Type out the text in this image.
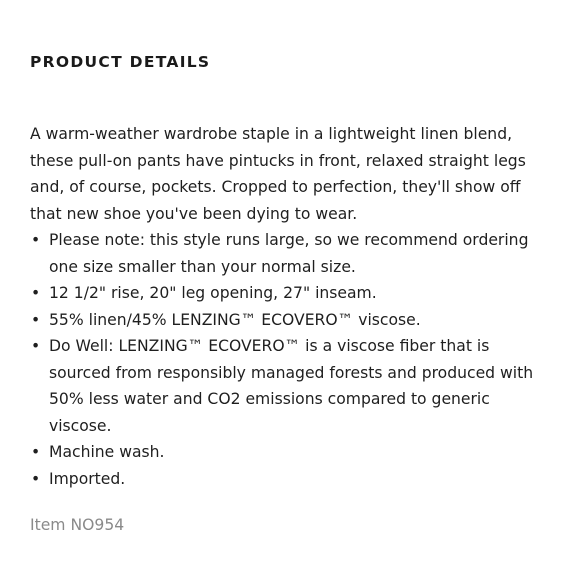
PRODUCT DETAILS

A warm-weather wardrobe staple in a lightweight linen blend, these pull-on pants have pintucks in front, relaxed straight legs and, of course, pockets. Cropped to perfection, they'll show off that new shoe you've been dying to wear.

• Please note: this style runs large, so we recommend ordering one size smaller than your normal size.
• 12 1/2" rise, 20" leg opening, 27" inseam.
• 55% linen/45% LENZING™ ECOVERO™ viscose.
• Do Well: LENZING™ ECOVERO™ is a viscose fiber that is sourced from responsibly managed forests and produced with 50% less water and CO2 emissions compared to generic viscose.
• Machine wash.
• Imported.

Item NO954
